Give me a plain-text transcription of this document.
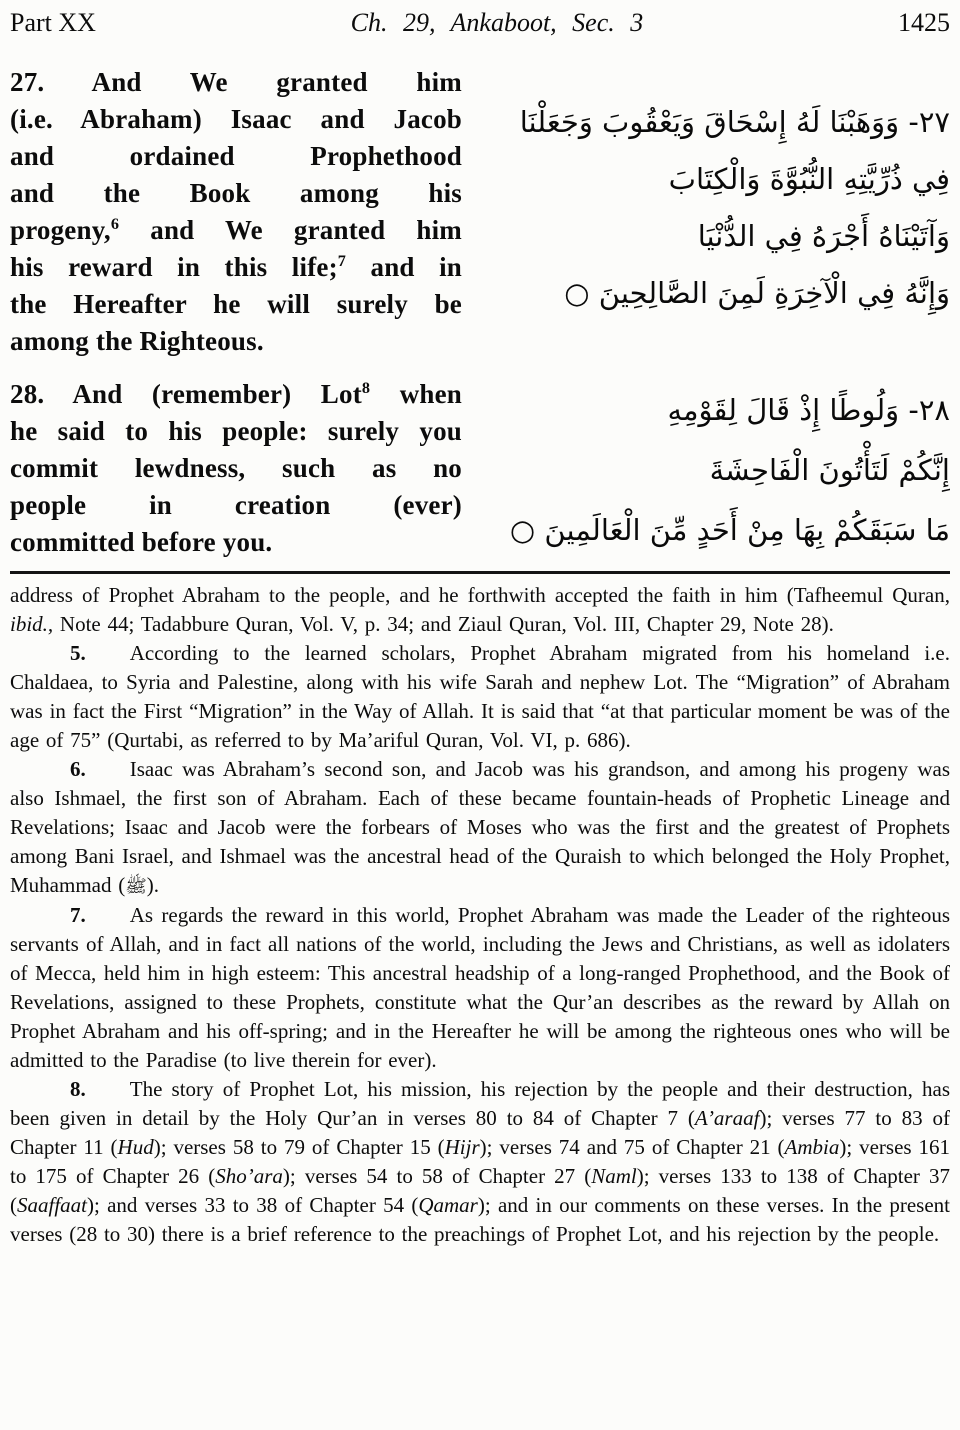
Part XX	Ch. 29, Ankaboot, Sec. 3	1425
27. And We granted him
(i.e. Abraham) Isaac and Jacob
and ordained Prophethood
and the Book among his
progeny,$^6$ and We granted him
his reward in this life;$^7$ and in
the Hereafter he will surely be
among the Righteous.
٢٧- وَوَهَبْنَا لَهُ إِسْحَاقَ وَيَعْقُوبَ وَجَعَلْنَا
فِي ذُرِّيَّتِهِ النُّبُوَّةَ وَالْكِتَابَ
وَآتَيْنَاهُ أَجْرَهُ فِي الدُّنْيَا
وَإِنَّهُ فِي الْآخِرَةِ لَمِنَ الصَّالِحِينَ ○
28. And (remember) Lot$^8$ when
he said to his people: surely you
commit lewdness, such as no
people in creation (ever)
committed before you.
٢٨- وَلُوطًا إِذْ قَالَ لِقَوْمِهِ
إِنَّكُمْ لَتَأْتُونَ الْفَاحِشَةَ
مَا سَبَقَكُمْ بِهَا مِنْ أَحَدٍ مِّنَ الْعَالَمِينَ ○

address of Prophet Abraham to the people, and he forthwith accepted the faith in him (Tafheemul Quran, ibid., Note 44; Tadabbure Quran, Vol. V, p. 34; and Ziaul Quran, Vol. III, Chapter 29, Note 28).

5. According to the learned scholars, Prophet Abraham migrated from his homeland i.e. Chaldaea, to Syria and Palestine, along with his wife Sarah and nephew Lot. The “Migration” of Abraham was in fact the First “Migration” in the Way of Allah. It is said that “at that particular moment be was of the age of 75” (Qurtabi, as referred to by Ma’ariful Quran, Vol. VI, p. 686).

6. Isaac was Abraham’s second son, and Jacob was his grandson, and among his progeny was also Ishmael, the first son of Abraham. Each of these became fountain-heads of Prophetic Lineage and Revelations; Isaac and Jacob were the forbears of Moses who was the first and the greatest of Prophets among Bani Israel, and Ishmael was the ancestral head of the Quraish to which belonged the Holy Prophet, Muhammad (ﷺ).

7. As regards the reward in this world, Prophet Abraham was made the Leader of the righteous servants of Allah, and in fact all nations of the world, including the Jews and Christians, as well as idolaters of Mecca, held him in high esteem: This ancestral headship of a long-ranged Prophethood, and the Book of Revelations, assigned to these Prophets, constitute what the Qur’an describes as the reward by Allah on Prophet Abraham and his off-spring; and in the Hereafter he will be among the righteous ones who will be admitted to the Paradise (to live therein for ever).

8. The story of Prophet Lot, his mission, his rejection by the people and their destruction, has been given in detail by the Holy Qur’an in verses 80 to 84 of Chapter 7 (A’araaf); verses 77 to 83 of Chapter 11 (Hud); verses 58 to 79 of Chapter 15 (Hijr); verses 74 and 75 of Chapter 21 (Ambia); verses 161 to 175 of Chapter 26 (Sho’ara); verses 54 to 58 of Chapter 27 (Naml); verses 133 to 138 of Chapter 37 (Saaffaat); and verses 33 to 38 of Chapter 54 (Qamar); and in our comments on these verses. In the present verses (28 to 30) there is a brief reference to the preachings of Prophet Lot, and his rejection by the people.
